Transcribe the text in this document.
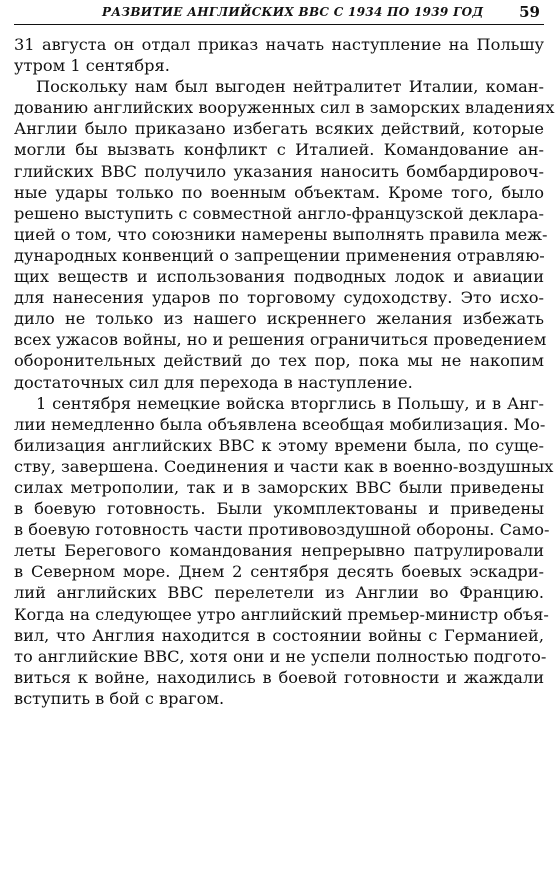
РАЗВИТИЕ АНГЛИЙСКИХ ВВС С 1934 ПО 1939 ГОД 59
31 августа он отдал приказ начать наступление на Польшу
утром 1 сентября.
Поскольку нам был выгоден нейтралитет Италии, коман-
дованию английских вооруженных сил в заморских владениях
Англии было приказано избегать всяких действий, которые
могли бы вызвать конфликт с Италией. Командование ан-
глийских ВВС получило указания наносить бомбардировоч-
ные удары только по военным объектам. Кроме того, было
решено выступить с совместной англо-французской деклара-
цией о том, что союзники намерены выполнять правила меж-
дународных конвенций о запрещении применения отравляю-
щих веществ и использования подводных лодок и авиации
для нанесения ударов по торговому судоходству. Это исхо-
дило не только из нашего искреннего желания избежать
всех ужасов войны, но и решения ограничиться проведением
оборонительных действий до тех пор, пока мы не накопим
достаточных сил для перехода в наступление.
1 сентября немецкие войска вторглись в Польшу, и в Анг-
лии немедленно была объявлена всеобщая мобилизация. Мо-
билизация английских ВВС к этому времени была, по суще-
ству, завершена. Соединения и части как в военно-воздушных
силах метрополии, так и в заморских ВВС были приведены
в боевую готовность. Были укомплектованы и приведены
в боевую готовность части противовоздушной обороны. Само-
леты Берегового командования непрерывно патрулировали
в Северном море. Днем 2 сентября десять боевых эскадри-
лий английских ВВС перелетели из Англии во Францию.
Когда на следующее утро английский премьер-министр объя-
вил, что Англия находится в состоянии войны с Германией,
то английские ВВС, хотя они и не успели полностью подгото-
виться к войне, находились в боевой готовности и жаждали
вступить в бой с врагом.
